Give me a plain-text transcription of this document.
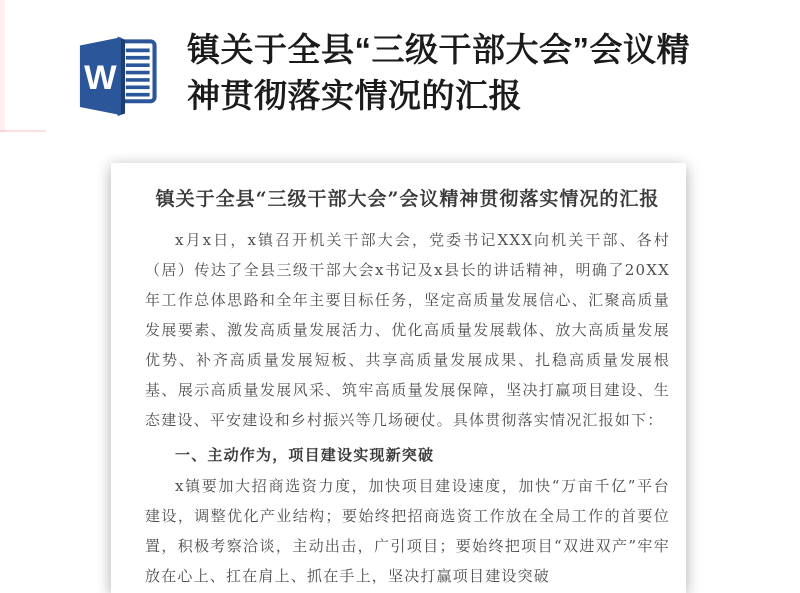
W
镇关于全县“三级干部大会”会议精神贯彻落实情况的汇报

镇关于全县“三级干部大会”会议精神贯彻落实情况的汇报

x月x日，x镇召开机关干部大会，党委书记XXX向机关干部、各村（居）传达了全县三级干部大会x书记及x县长的讲话精神，明确了20XX年工作总体思路和全年主要目标任务，坚定高质量发展信心、汇聚高质量发展要素、激发高质量发展活力、优化高质量发展载体、放大高质量发展优势、补齐高质量发展短板、共享高质量发展成果、扎稳高质量发展根基、展示高质量发展风采、筑牢高质量发展保障，坚决打赢项目建设、生态建设、平安建设和乡村振兴等几场硬仗。具体贯彻落实情况汇报如下：

一、主动作为，项目建设实现新突破

x镇要加大招商选资力度，加快项目建设速度，加快“万亩千亿”平台建设，调整优化产业结构；要始终把招商选资工作放在全局工作的首要位置，积极考察洽谈，主动出击，广引项目；要始终把项目“双进双产”牢牢放在心上、扛在肩上、抓在手上，坚决打赢项目建设突破
